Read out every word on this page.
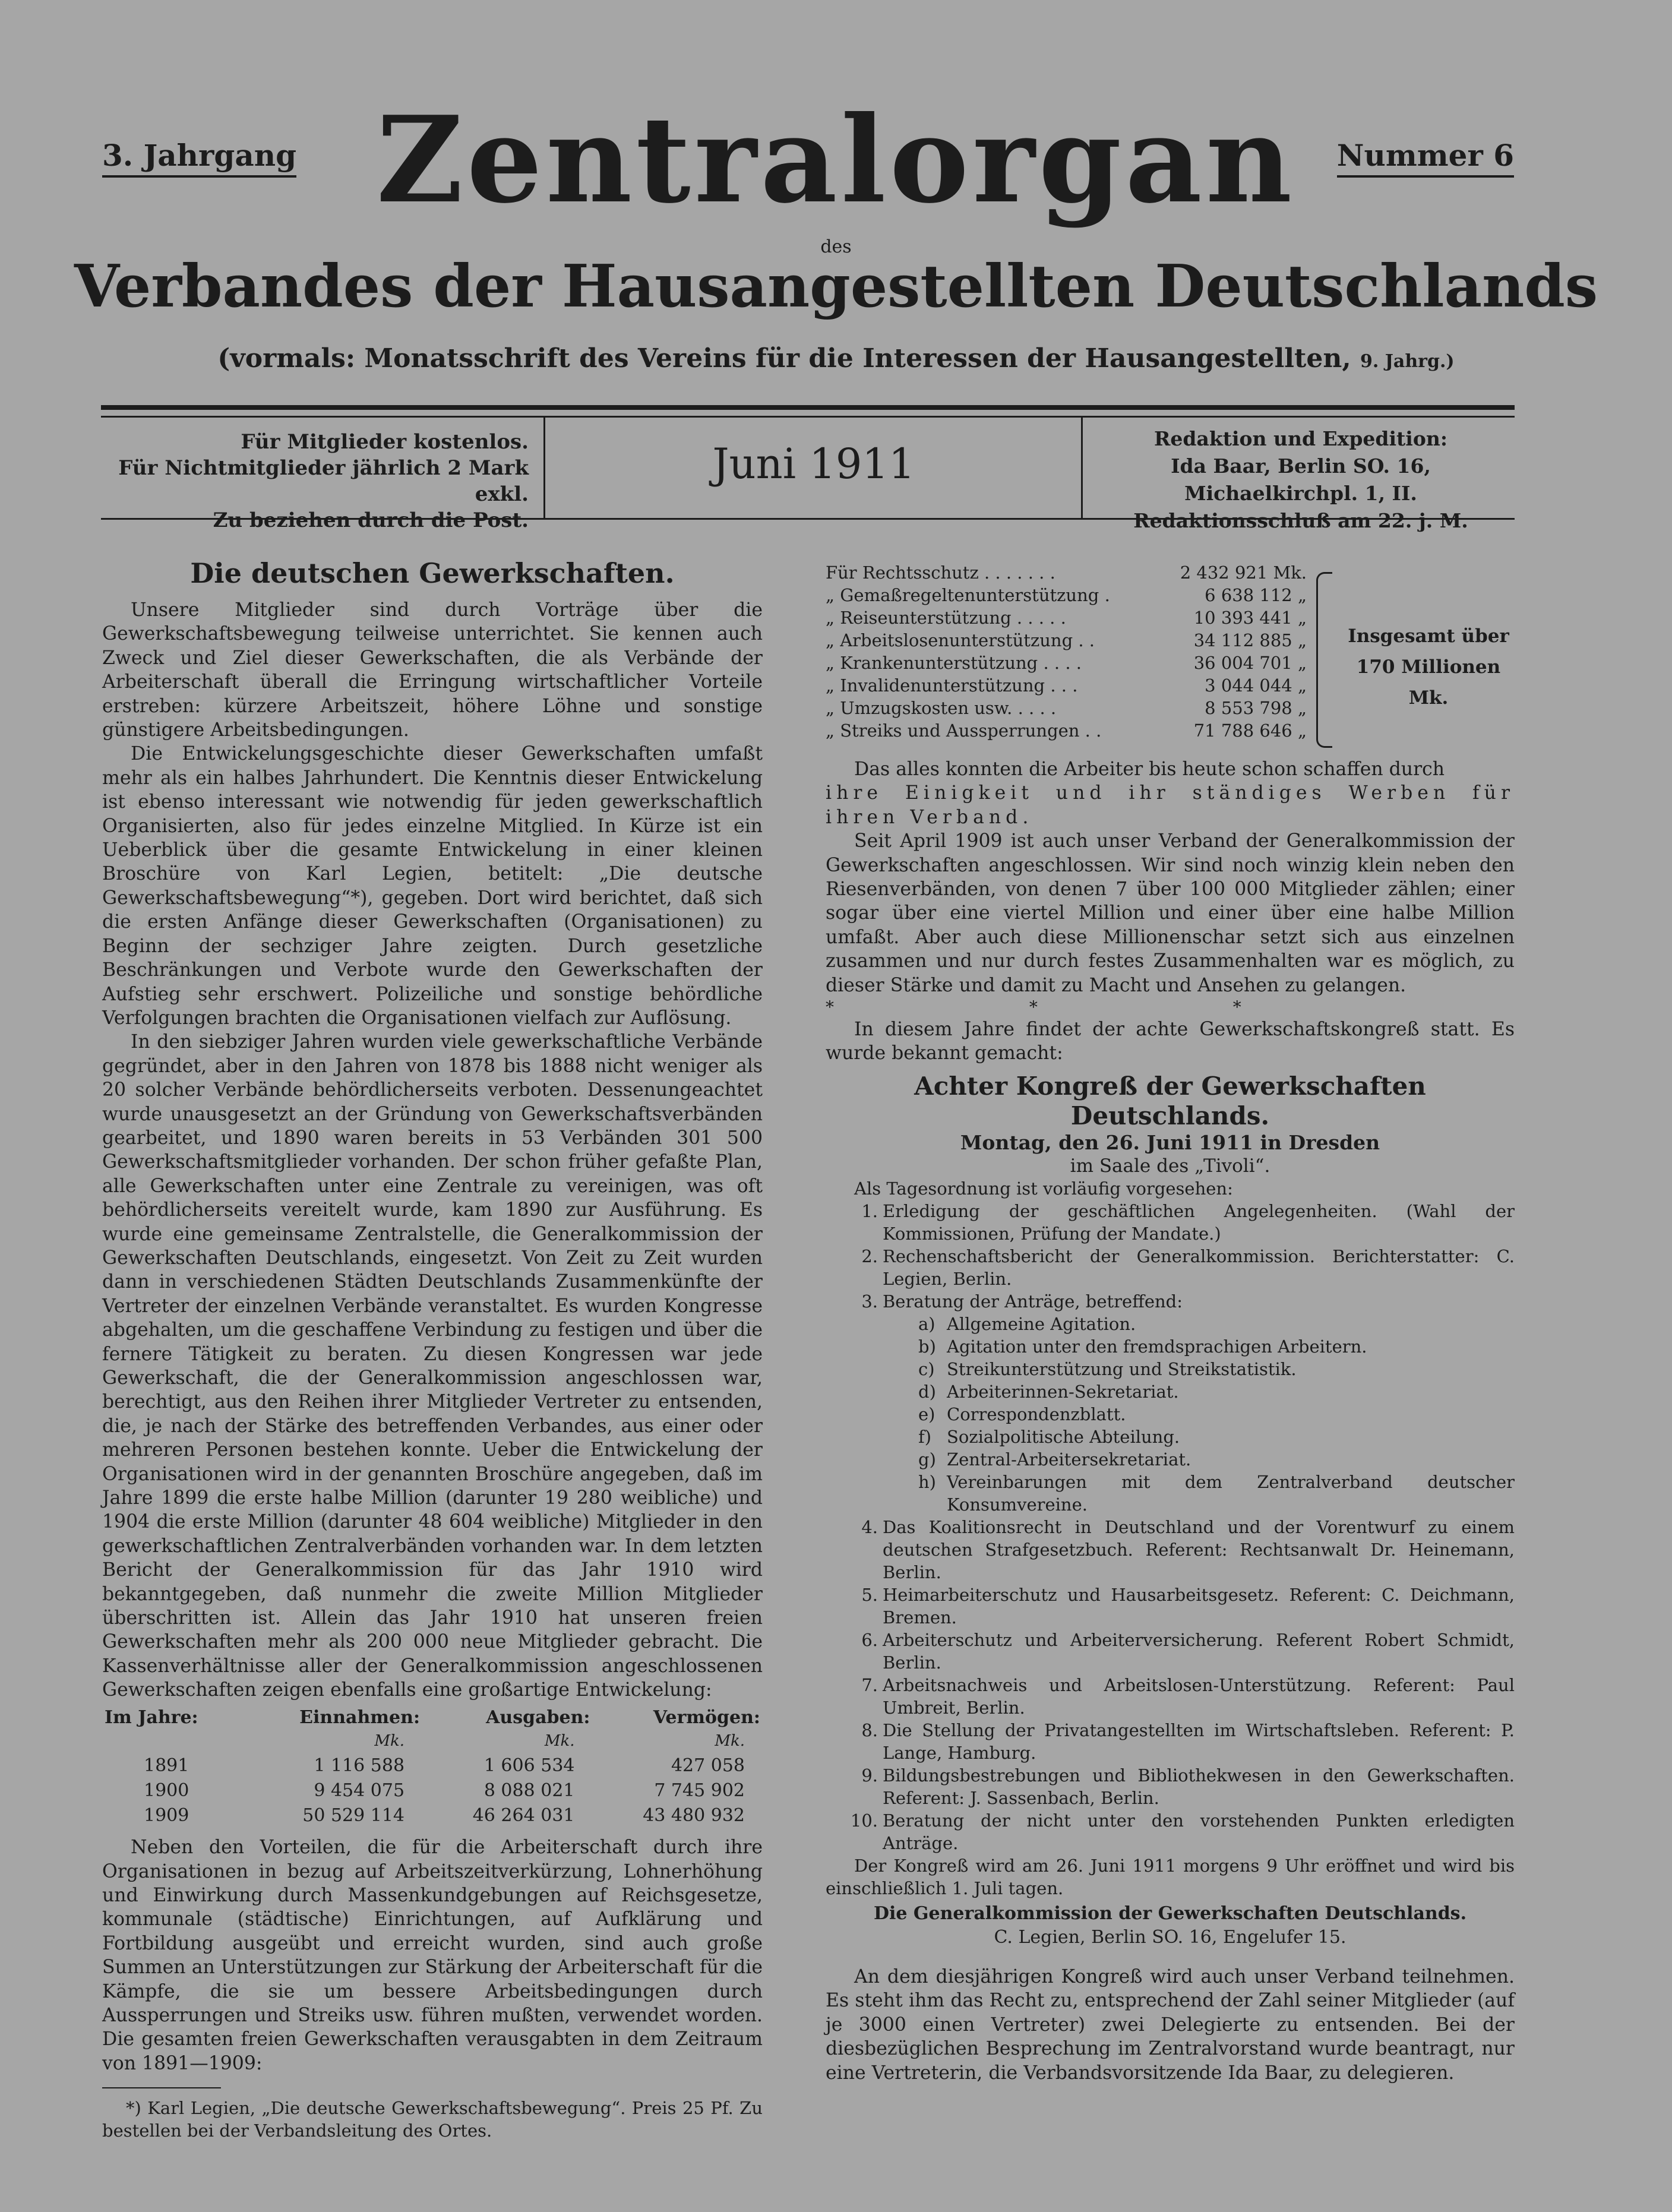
3. Jahrgang Zentralorgan	Nummer 6
des
Verbandes der Hausangestellten Deutschlands
(vormals: Monatsschrift des Vereins für die Interessen der Hausangestellten, 9. Jahrg.)
Für Mitglieder kostenlos.
Für Nichtmitglieder jährlich 2 Mark exkl.
Zu beziehen durch die Post.
Juni 1911
Redaktion und Expedition:
Ida Baar, Berlin SO. 16, Michaelkirchpl. 1, II.
Redaktionsschluß am 22. j. M.
Die deutschen Gewerkschaften.

Unsere Mitglieder sind durch Vorträge über die Gewerkschaftsbewegung teilweise unterrichtet. Sie kennen auch Zweck und Ziel dieser Gewerkschaften, die als Verbände der Arbeiterschaft überall die Erringung wirtschaftlicher Vorteile erstreben: kürzere Arbeitszeit, höhere Löhne und sonstige günstigere Arbeitsbedingungen.

Die Entwickelungsgeschichte dieser Gewerkschaften umfaßt mehr als ein halbes Jahrhundert. Die Kenntnis dieser Entwickelung ist ebenso interessant wie notwendig für jeden gewerkschaftlich Organisierten, also für jedes einzelne Mitglied. In Kürze ist ein Ueberblick über die gesamte Entwickelung in einer kleinen Broschüre von Karl Legien, betitelt: „Die deutsche Gewerkschaftsbewegung“*), gegeben. Dort wird berichtet, daß sich die ersten Anfänge dieser Gewerkschaften (Organisationen) zu Beginn der sechziger Jahre zeigten. Durch gesetzliche Beschränkungen und Verbote wurde den Gewerkschaften der Aufstieg sehr erschwert. Polizeiliche und sonstige behördliche Verfolgungen brachten die Organisationen vielfach zur Auflösung.

In den siebziger Jahren wurden viele gewerkschaftliche Verbände gegründet, aber in den Jahren von 1878 bis 1888 nicht weniger als 20 solcher Verbände behördlicherseits verboten. Dessenungeachtet wurde unausgesetzt an der Gründung von Gewerkschaftsverbänden gearbeitet, und 1890 waren bereits in 53 Verbänden 301 500 Gewerkschaftsmitglieder vorhanden. Der schon früher gefaßte Plan, alle Gewerkschaften unter eine Zentrale zu vereinigen, was oft behördlicherseits vereitelt wurde, kam 1890 zur Ausführung. Es wurde eine gemeinsame Zentralstelle, die Generalkommission der Gewerkschaften Deutschlands, eingesetzt. Von Zeit zu Zeit wurden dann in verschiedenen Städten Deutschlands Zusammenkünfte der Vertreter der einzelnen Verbände veranstaltet. Es wurden Kongresse abgehalten, um die geschaffene Verbindung zu festigen und über die fernere Tätigkeit zu beraten. Zu diesen Kongressen war jede Gewerkschaft, die der Generalkommission angeschlossen war, berechtigt, aus den Reihen ihrer Mitglieder Vertreter zu entsenden, die, je nach der Stärke des betreffenden Verbandes, aus einer oder mehreren Personen bestehen konnte. Ueber die Entwickelung der Organisationen wird in der genannten Broschüre angegeben, daß im Jahre 1899 die erste halbe Million (darunter 19 280 weibliche) und 1904 die erste Million (darunter 48 604 weibliche) Mitglieder in den gewerkschaftlichen Zentralverbänden vorhanden war. In dem letzten Bericht der Generalkommission für das Jahr 1910 wird bekanntgegeben, daß nunmehr die zweite Million Mitglieder überschritten ist. Allein das Jahr 1910 hat unseren freien Gewerkschaften mehr als 200 000 neue Mitglieder gebracht. Die Kassenverhältnisse aller der Generalkommission angeschlossenen Gewerkschaften zeigen ebenfalls eine großartige Entwickelung:

Im Jahre:	Einnahmen:	Ausgaben:	Vermögen:
	Mk.	Mk.	Mk.
1891	1 116 588	1 606 534	427 058
1900	9 454 075	8 088 021	7 745 902
1909	50 529 114	46 264 031	43 480 932

Neben den Vorteilen, die für die Arbeiterschaft durch ihre Organisationen in bezug auf Arbeitszeitverkürzung, Lohnerhöhung und Einwirkung durch Massenkundgebungen auf Reichsgesetze, kommunale (städtische) Einrichtungen, auf Aufklärung und Fortbildung ausgeübt und erreicht wurden, sind auch große Summen an Unterstützungen zur Stärkung der Arbeiterschaft für die Kämpfe, die sie um bessere Arbeitsbedingungen durch Aussperrungen und Streiks usw. führen mußten, verwendet worden. Die gesamten freien Gewerkschaften verausgabten in dem Zeitraum von 1891—1909:

*) Karl Legien, „Die deutsche Gewerkschaftsbewegung“. Preis 25 Pf. Zu bestellen bei der Verbandsleitung des Ortes.

Für Rechtsschutz . . . . . . .	2 432 921 Mk.
„ Gemaßregeltenunterstützung .	6 638 112 „
„ Reiseunterstützung . . . . .	10 393 441 „
„ Arbeitslosenunterstützung . .	34 112 885 „
„ Krankenunterstützung . . . .	36 004 701 „
„ Invalidenunterstützung . . .	3 044 044 „
„ Umzugskosten usw. . . . .	8 553 798 „
„ Streiks und Aussperrungen . .	71 788 646 „
Insgesamt über
170 Millionen Mk.

Das alles konnten die Arbeiter bis heute schon schaffen durch

ihre Einigkeit und ihr ständiges Werben für ihren Verband.

Seit April 1909 ist auch unser Verband der Generalkommission der Gewerkschaften angeschlossen. Wir sind noch winzig klein neben den Riesenverbänden, von denen 7 über 100 000 Mitglieder zählen; einer sogar über eine viertel Million und einer über eine halbe Million umfaßt. Aber auch diese Millionenschar setzt sich aus einzelnen zusammen und nur durch festes Zusammenhalten war es möglich, zu dieser Stärke und damit zu Macht und Ansehen zu gelangen.

* * *

In diesem Jahre findet der achte Gewerkschaftskongreß statt. Es wurde bekannt gemacht:

Achter Kongreß der Gewerkschaften Deutschlands.
Montag, den 26. Juni 1911 in Dresden
im Saale des „Tivoli“.

Als Tagesordnung ist vorläufig vorgesehen:

1. Erledigung der geschäftlichen Angelegenheiten. (Wahl der Kommissionen, Prüfung der Mandate.)
2. Rechenschaftsbericht der Generalkommission. Berichterstatter: C. Legien, Berlin.
3. Beratung der Anträge, betreffend:
a) Allgemeine Agitation.
b) Agitation unter den fremdsprachigen Arbeitern.
c) Streikunterstützung und Streikstatistik.
d) Arbeiterinnen-Sekretariat.
e) Correspondenzblatt.
f) Sozialpolitische Abteilung.
g) Zentral-Arbeitersekretariat.
h) Vereinbarungen mit dem Zentralverband deutscher Konsumvereine.
4. Das Koalitionsrecht in Deutschland und der Vorentwurf zu einem deutschen Strafgesetzbuch. Referent: Rechtsanwalt Dr. Heinemann, Berlin.
5. Heimarbeiterschutz und Hausarbeitsgesetz. Referent: C. Deichmann, Bremen.
6. Arbeiterschutz und Arbeiterversicherung. Referent Robert Schmidt, Berlin.
7. Arbeitsnachweis und Arbeitslosen-Unterstützung. Referent: Paul Umbreit, Berlin.
8. Die Stellung der Privatangestellten im Wirtschaftsleben. Referent: P. Lange, Hamburg.
9. Bildungsbestrebungen und Bibliothekwesen in den Gewerkschaften. Referent: J. Sassenbach, Berlin.
10. Beratung der nicht unter den vorstehenden Punkten erledigten Anträge.

Der Kongreß wird am 26. Juni 1911 morgens 9 Uhr eröffnet und wird bis einschließlich 1. Juli tagen.

Die Generalkommission der Gewerkschaften Deutschlands.
C. Legien, Berlin SO. 16, Engelufer 15.

An dem diesjährigen Kongreß wird auch unser Verband teilnehmen. Es steht ihm das Recht zu, entsprechend der Zahl seiner Mitglieder (auf je 3000 einen Vertreter) zwei Delegierte zu entsenden. Bei der diesbezüglichen Besprechung im Zentralvorstand wurde beantragt, nur eine Vertreterin, die Verbandsvorsitzende Ida Baar, zu delegieren.
